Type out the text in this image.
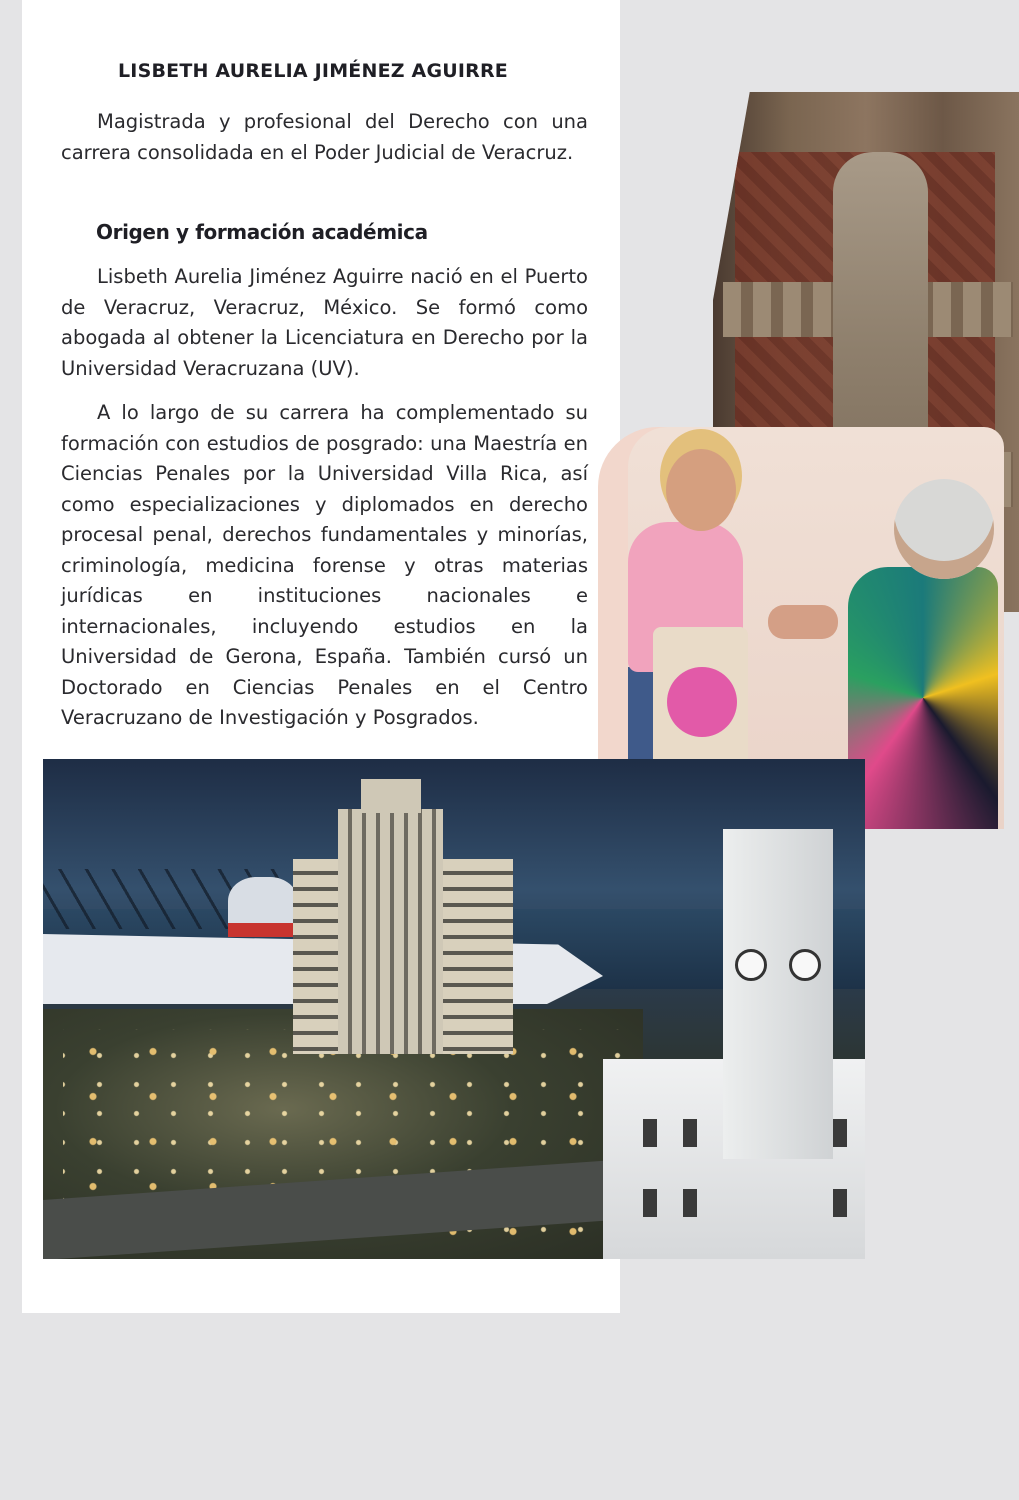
LISBETH AURELIA JIMÉNEZ AGUIRRE
Magistrada y profesional del Derecho con una carrera consolidada en el Poder Judicial de Veracruz.
Origen y formación académica
Lisbeth Aurelia Jiménez Aguirre nació en el Puerto de Veracruz, Veracruz, México. Se formó como abogada al obtener la Licenciatura en Derecho por la Universidad Veracruzana (UV).
A lo largo de su carrera ha complementado su formación con estudios de posgrado: una Maestría en Ciencias Penales por la Universidad Villa Rica, así como especializaciones y diplomados en derecho procesal penal, derechos fundamentales y minorías, criminología, medicina forense y otras materias jurídicas en instituciones nacionales e internacionales, incluyendo estudios en la Universidad de Gerona, España. También cursó un Doctorado en Ciencias Penales en el Centro Veracruzano de Investigación y Posgrados.
